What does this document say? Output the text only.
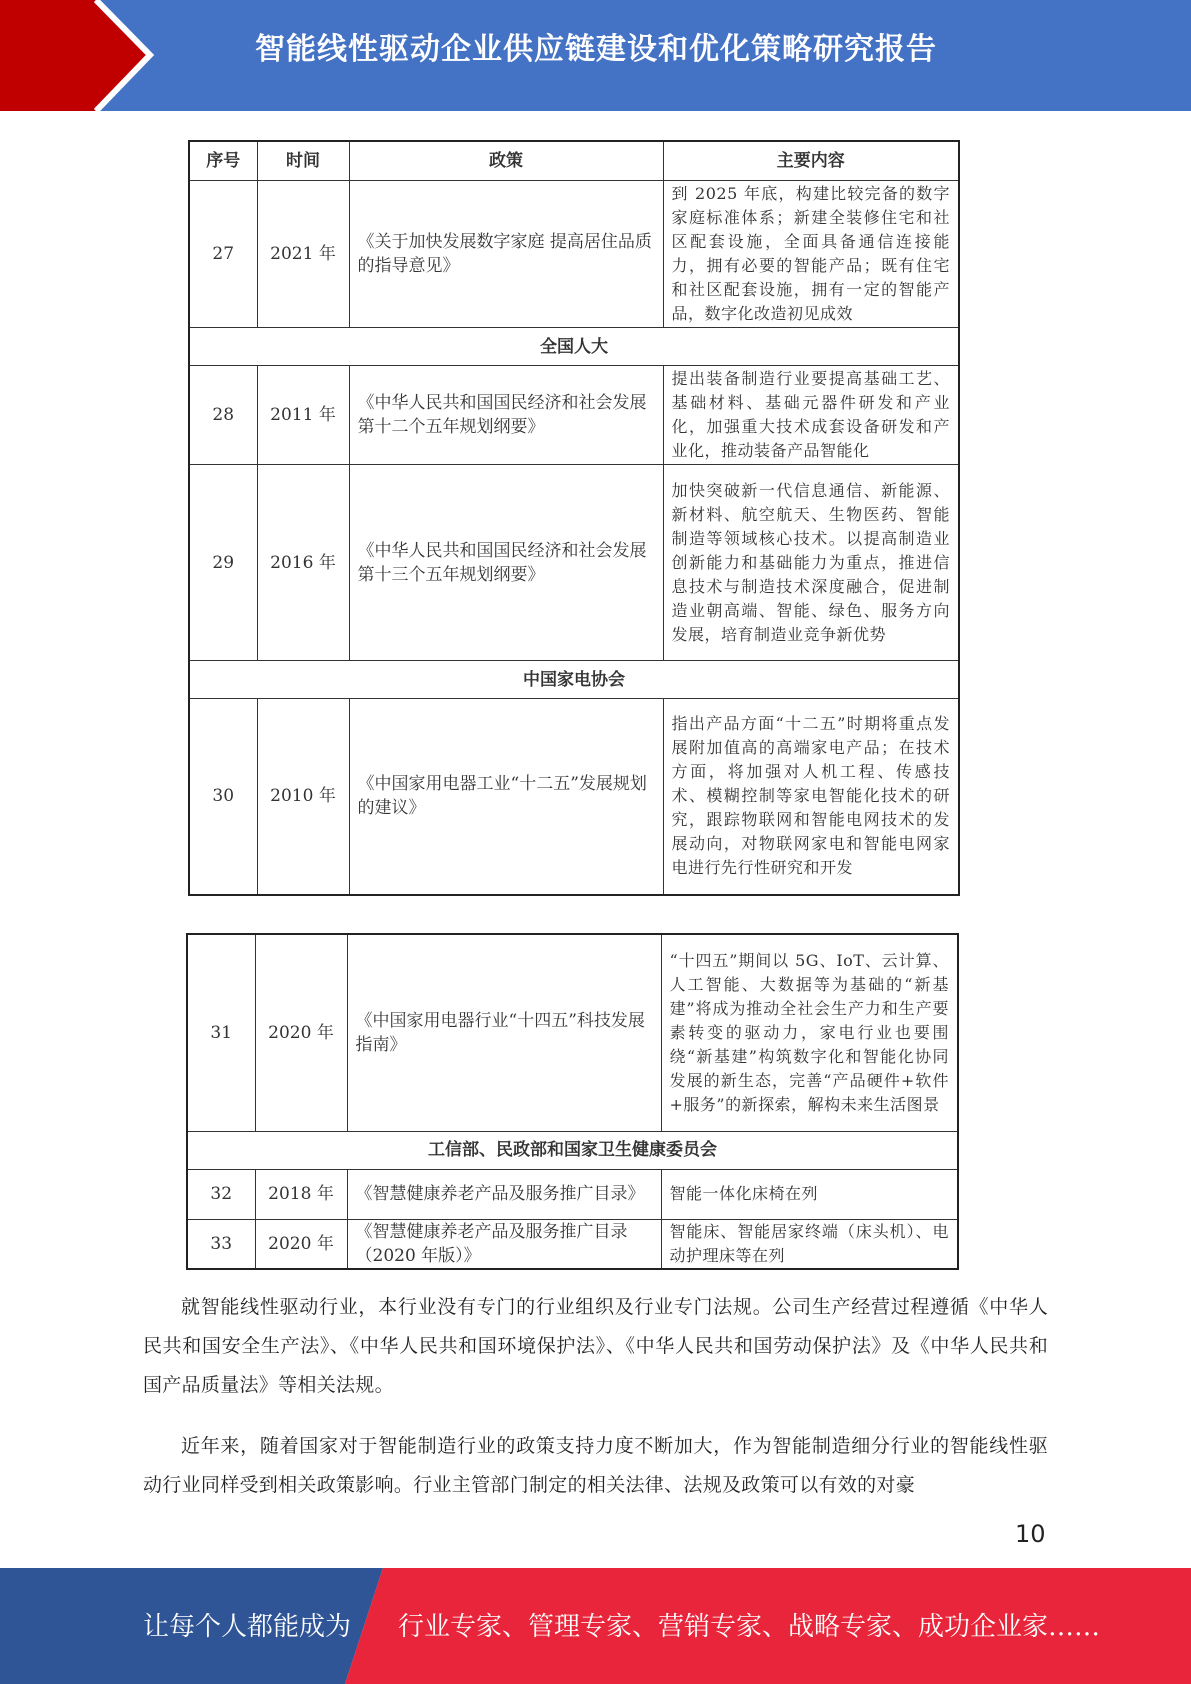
智能线性驱动企业供应链建设和优化策略研究报告
序号	时间	政策	主要内容
27	2021 年	《关于加快发展数字家庭 提高居住品质的指导意见》	到 2025 年底，构建比较完备的数字家庭标准体系；新建全装修住宅和社区配套设施，全面具备通信连接能力，拥有必要的智能产品；既有住宅和社区配套设施，拥有一定的智能产品，数字化改造初见成效
全国人大			
28	2011 年	《中华人民共和国国民经济和社会发展第十二个五年规划纲要》	提出装备制造行业要提高基础工艺、基础材料、基础元器件研发和产业化，加强重大技术成套设备研发和产业化，推动装备产品智能化
29	2016 年	《中华人民共和国国民经济和社会发展第十三个五年规划纲要》	加快突破新一代信息通信、新能源、新材料、航空航天、生物医药、智能制造等领域核心技术。以提高制造业创新能力和基础能力为重点，推进信息技术与制造技术深度融合，促进制造业朝高端、智能、绿色、服务方向发展，培育制造业竞争新优势
中国家电协会			
30	2010 年	《中国家用电器工业“十二五”发展规划的建议》	指出产品方面“十二五”时期将重点发展附加值高的高端家电产品；在技术方面，将加强对人机工程、传感技术、模糊控制等家电智能化技术的研究，跟踪物联网和智能电网技术的发展动向，对物联网家电和智能电网家电进行先行性研究和开发
31	2020 年	《中国家用电器行业“十四五”科技发展指南》	“十四五”期间以 5G、IoT、云计算、人工智能、大数据等为基础的“新基建”将成为推动全社会生产力和生产要素转变的驱动力，家电行业也要围绕“新基建”构筑数字化和智能化协同发展的新生态，完善“产品硬件+软件+服务”的新探索，解构未来生活图景
工信部、民政部和国家卫生健康委员会			
32	2018 年	《智慧健康养老产品及服务推广目录》	智能一体化床椅在列
33	2020 年	《智慧健康养老产品及服务推广目录（2020 年版）》	智能床、智能居家终端（床头机）、电动护理床等在列

就智能线性驱动行业，本行业没有专门的行业组织及行业专门法规。公司生产经营过程遵循《中华人民共和国安全生产法》、《中华人民共和国环境保护法》、《中华人民共和国劳动保护法》及《中华人民共和国产品质量法》等相关法规。

近年来，随着国家对于智能制造行业的政策支持力度不断加大，作为智能制造细分行业的智能线性驱动行业同样受到相关政策影响。行业主管部门制定的相关法律、法规及政策可以有效的对豪

10
让每个人都能成为 行业专家、管理专家、营销专家、战略专家、成功企业家……
